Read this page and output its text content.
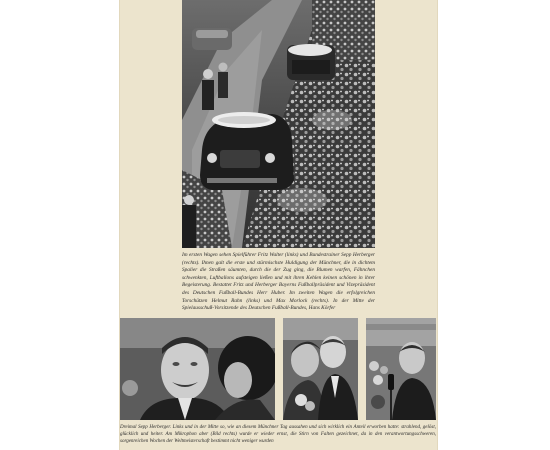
Im ersten Wagen sehen Spielführer Fritz Walter (links) und Bundestrainer Sepp Herberger (rechts). Ihnen galt die erste und stürmischste Huldigung der Münchner, die in dichtem Spalier die Straßen säumten, durch die der Zug ging, die Blumen warfen, Fähnchen schwenkten, Luftballons aufsteigen ließen und mit ihren Kehlen keinen schönen in ihrer Begeisterung. Bestattet Fritz und Herberger Bayerns Fußballpräsident und Vizepräsident des Deutschen Fußball-Bundes Herr Huber. Im zweiten Wagen die erfolgreichen Torschützen Helmut Rahn (links) und Max Morlock (rechts). In der Mitte der Spielausschuß-Vorsitzende des Deutschen Fußball-Bundes, Hans Körfer

Dreimal Sepp Herberger. Links und in der Mitte so, wie an diesem Münchner Tag aussahen und sich wirklich ein Anteil erworben hatte: strahlend, gelöst, glücklich und heiter. Am Mikrophon aber (Bild rechts) wurde er wieder ernst, die Stirn von Falten gezeichnet, da in den verantwortungsschweren, sorgenreichen Wochen der Weltmeisterschaft bestimmt nicht weniger wurden
